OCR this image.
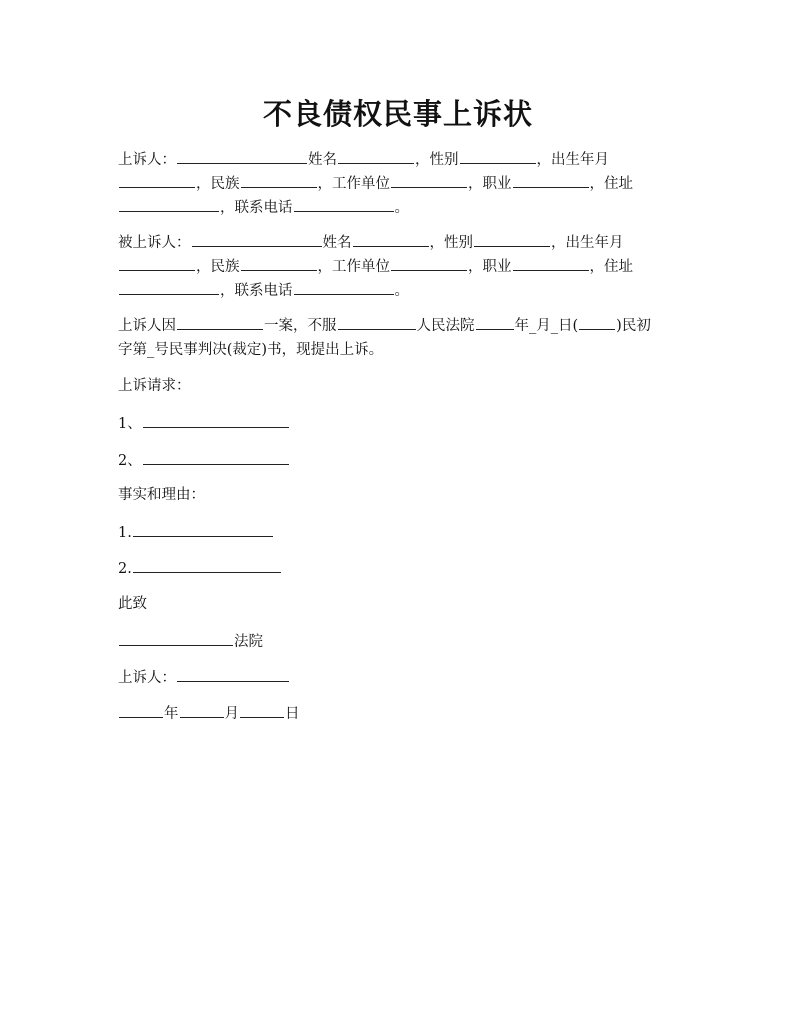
不良债权民事上诉状
上诉人：	姓名	，性别	，出生年月
，民族	，工作单位	，职业	，住址
，联系电话	。
被上诉人：	姓名	，性别	，出生年月
，民族	，工作单位	，职业	，住址
，联系电话	。
上诉人因	一案，不服	人民法院	年_月_日(	)民初
字第_号民事判决(裁定)书，现提出上诉。
上诉请求：
1、
2、
事实和理由：
1.
2.
此致
法院
上诉人：
年	月	日
